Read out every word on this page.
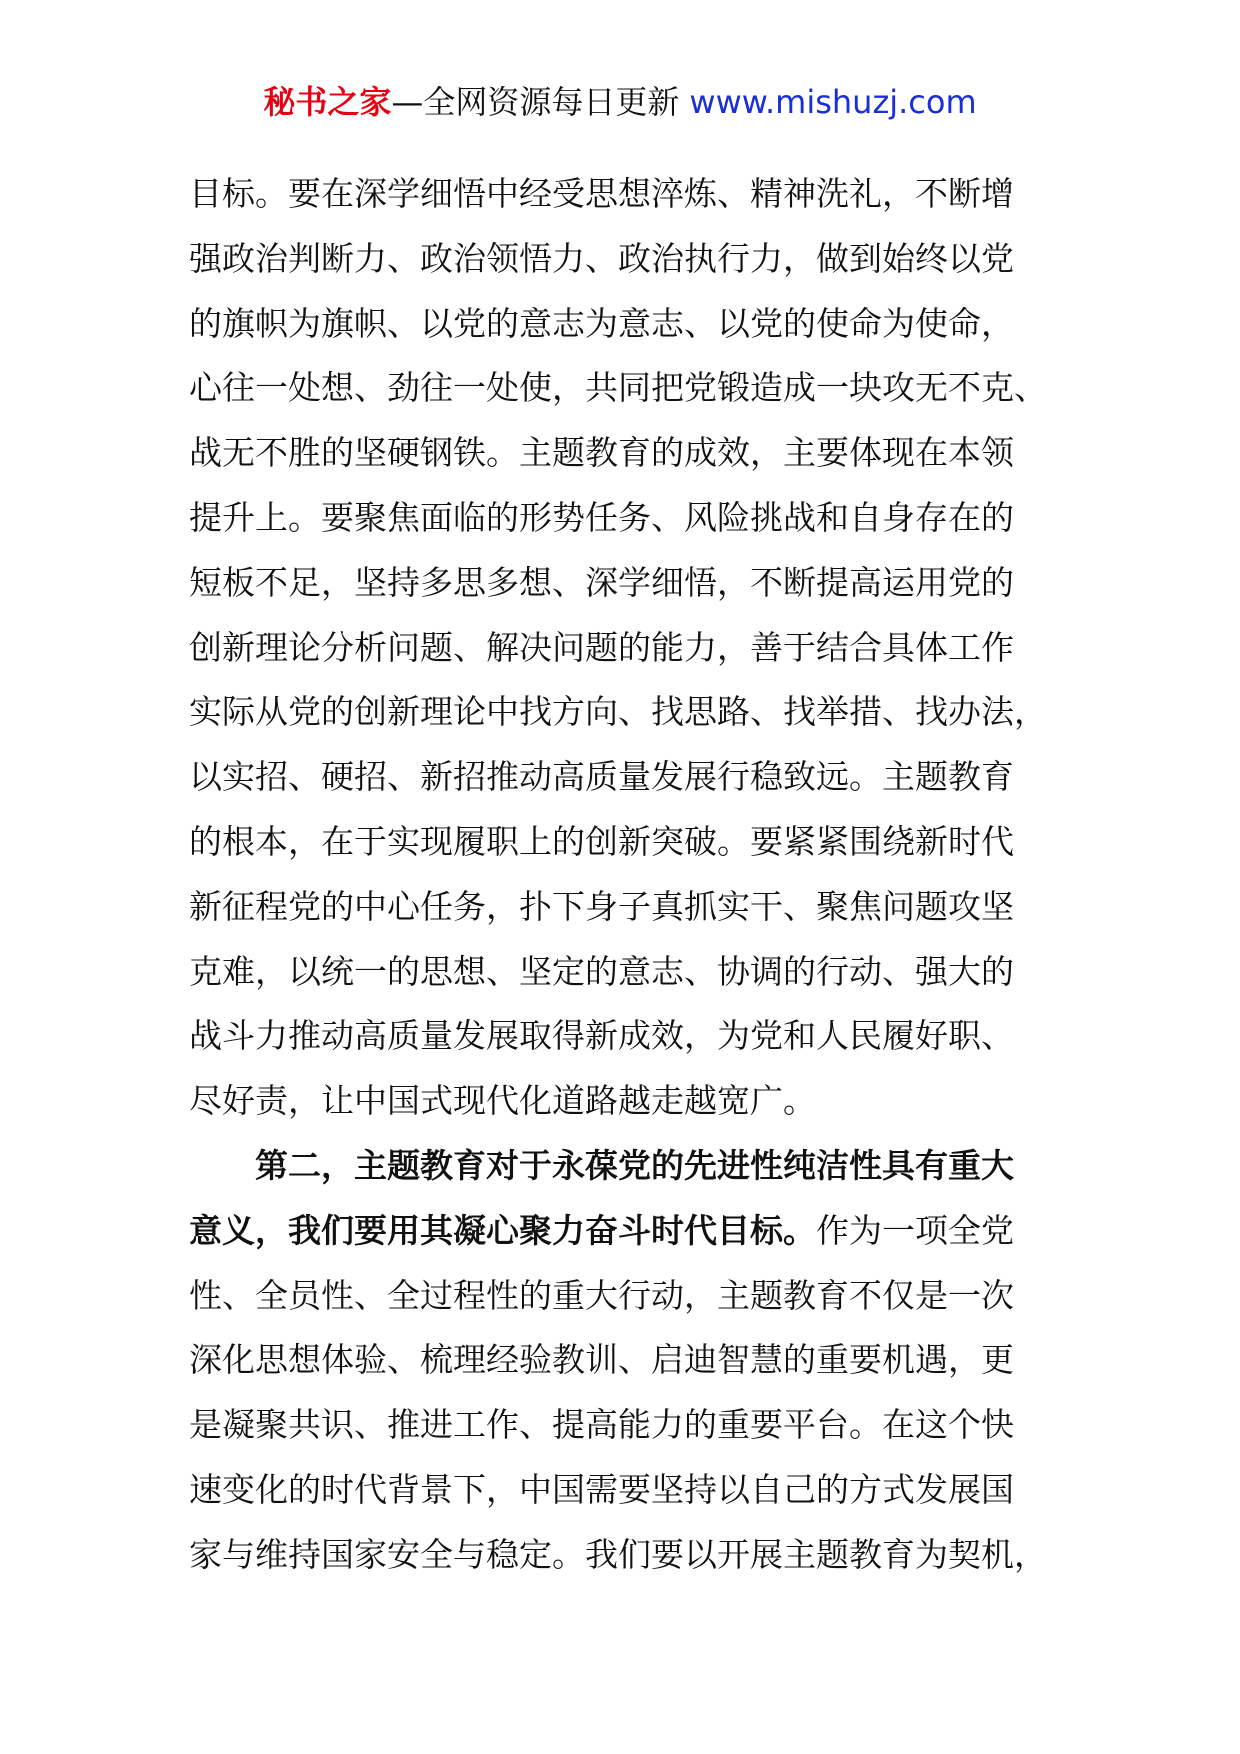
秘书之家—全网资源每日更新 www.mishuzj.com
目标。要在深学细悟中经受思想淬炼、精神洗礼，不断增
强政治判断力、政治领悟力、政治执行力，做到始终以党
的旗帜为旗帜、以党的意志为意志、以党的使命为使命，
心往一处想、劲往一处使，共同把党锻造成一块攻无不克、
战无不胜的坚硬钢铁。主题教育的成效，主要体现在本领
提升上。要聚焦面临的形势任务、风险挑战和自身存在的
短板不足，坚持多思多想、深学细悟，不断提高运用党的
创新理论分析问题、解决问题的能力，善于结合具体工作
实际从党的创新理论中找方向、找思路、找举措、找办法，
以实招、硬招、新招推动高质量发展行稳致远。主题教育
的根本，在于实现履职上的创新突破。要紧紧围绕新时代
新征程党的中心任务，扑下身子真抓实干、聚焦问题攻坚
克难，以统一的思想、坚定的意志、协调的行动、强大的
战斗力推动高质量发展取得新成效，为党和人民履好职、
尽好责，让中国式现代化道路越走越宽广。
第二，主题教育对于永葆党的先进性纯洁性具有重大
意义，我们要用其凝心聚力奋斗时代目标。作为一项全党
性、全员性、全过程性的重大行动，主题教育不仅是一次
深化思想体验、梳理经验教训、启迪智慧的重要机遇，更
是凝聚共识、推进工作、提高能力的重要平台。在这个快
速变化的时代背景下，中国需要坚持以自己的方式发展国
家与维持国家安全与稳定。我们要以开展主题教育为契机，
